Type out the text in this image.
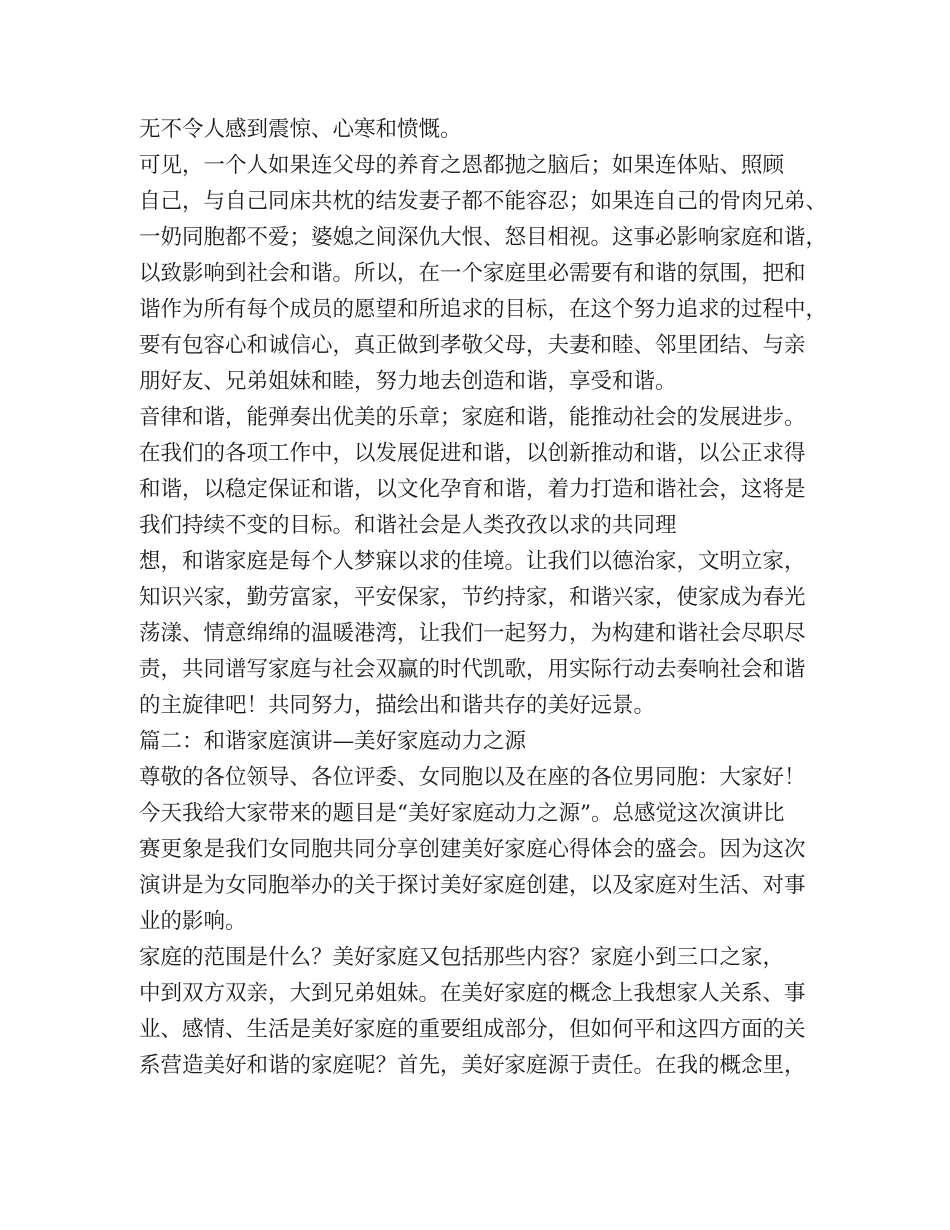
无不令人感到震惊、心寒和愤慨。
可见，一个人如果连父母的养育之恩都抛之脑后；如果连体贴、照顾
自己，与自己同床共枕的结发妻子都不能容忍；如果连自己的骨肉兄弟、
一奶同胞都不爱；婆媳之间深仇大恨、怒目相视。这事必影响家庭和谐，
以致影响到社会和谐。所以，在一个家庭里必需要有和谐的氛围，把和
谐作为所有每个成员的愿望和所追求的目标，在这个努力追求的过程中，
要有包容心和诚信心，真正做到孝敬父母，夫妻和睦、邻里团结、与亲
朋好友、兄弟姐妹和睦，努力地去创造和谐，享受和谐。
音律和谐，能弹奏出优美的乐章；家庭和谐，能推动社会的发展进步。
在我们的各项工作中，以发展促进和谐，以创新推动和谐，以公正求得
和谐，以稳定保证和谐，以文化孕育和谐，着力打造和谐社会，这将是
我们持续不变的目标。和谐社会是人类孜孜以求的共同理
想，和谐家庭是每个人梦寐以求的佳境。让我们以德治家，文明立家，
知识兴家，勤劳富家，平安保家，节约持家，和谐兴家，使家成为春光
荡漾、情意绵绵的温暖港湾，让我们一起努力，为构建和谐社会尽职尽
责，共同谱写家庭与社会双赢的时代凯歌，用实际行动去奏响社会和谐
的主旋律吧！共同努力，描绘出和谐共存的美好远景。
篇二：和谐家庭演讲—美好家庭动力之源
尊敬的各位领导、各位评委、女同胞以及在座的各位男同胞：大家好！
今天我给大家带来的题目是“美好家庭动力之源”。总感觉这次演讲比
赛更象是我们女同胞共同分享创建美好家庭心得体会的盛会。因为这次
演讲是为女同胞举办的关于探讨美好家庭创建，以及家庭对生活、对事
业的影响。
家庭的范围是什么？美好家庭又包括那些内容？家庭小到三口之家，
中到双方双亲，大到兄弟姐妹。在美好家庭的概念上我想家人关系、事
业、感情、生活是美好家庭的重要组成部分，但如何平和这四方面的关
系营造美好和谐的家庭呢？首先，美好家庭源于责任。在我的概念里，
